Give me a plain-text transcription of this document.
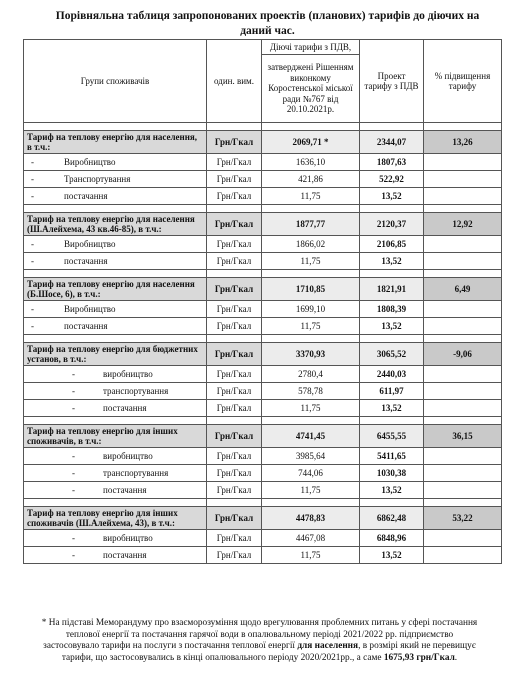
Порівняльна таблиця запропонованих проектів (планових) тарифів до діючих на даний час.
Групи споживачів	один. вим.	Діючі тарифи з ПДВ,	Проект тарифу з ПДВ	% підвищення тарифу
		затверджені Рішенням виконкому Коростенської міської ради №767 від 20.10.2021р.		

Тариф на теплову енергію для населення, в т.ч.:	Грн/Гкал	2069,71 *	2344,07	13,26
- Виробництво	Грн/Гкал	1636,10	1807,63	
- Транспортування	Грн/Гкал	421,86	522,92	
- постачання	Грн/Гкал	11,75	13,52	

Тариф на теплову енергію для населення (Ш.Алейхема, 43 кв.46-85), в т.ч.:	Грн/Гкал	1877,77	2120,37	12,92
- Виробництво	Грн/Гкал	1866,02	2106,85	
- постачання	Грн/Гкал	11,75	13,52	

Тариф на теплову енергію для населення (Б.Шосе, 6), в т.ч.:	Грн/Гкал	1710,85	1821,91	6,49
- Виробництво	Грн/Гкал	1699,10	1808,39	
- постачання	Грн/Гкал	11,75	13,52	

Тариф на теплову енергію для бюджетних установ, в т.ч.:	Грн/Гкал	3370,93	3065,52	-9,06
- виробництво	Грн/Гкал	2780,4	2440,03	
- транспортування	Грн/Гкал	578,78	611,97	
- постачання	Грн/Гкал	11,75	13,52	

Тариф на теплову енергію для інших споживачів, в т.ч.:	Грн/Гкал	4741,45	6455,55	36,15
- виробництво	Грн/Гкал	3985,64	5411,65	
- транспортування	Грн/Гкал	744,06	1030,38	
- постачання	Грн/Гкал	11,75	13,52	

Тариф на теплову енергію для інших споживачів (Ш.Алейхема, 43), в т.ч.:	Грн/Гкал	4478,83	6862,48	53,22
- виробництво	Грн/Гкал	4467,08	6848,96	
- постачання	Грн/Гкал	11,75	13,52	
* На підставі Меморандуму про взаєморозуміння щодо врегулювання проблемних питань у сфері постачання теплової енергії та постачання гарячої води в опалювальному періоді 2021/2022 рр. підприємство застосовувало тарифи на послуги з постачання теплової енергії для населення, в розмірі який не перевищує тарифи, що застосовувались в кінці опалювального періоду 2020/2021рр., а саме 1675,93 грн/Гкал.
